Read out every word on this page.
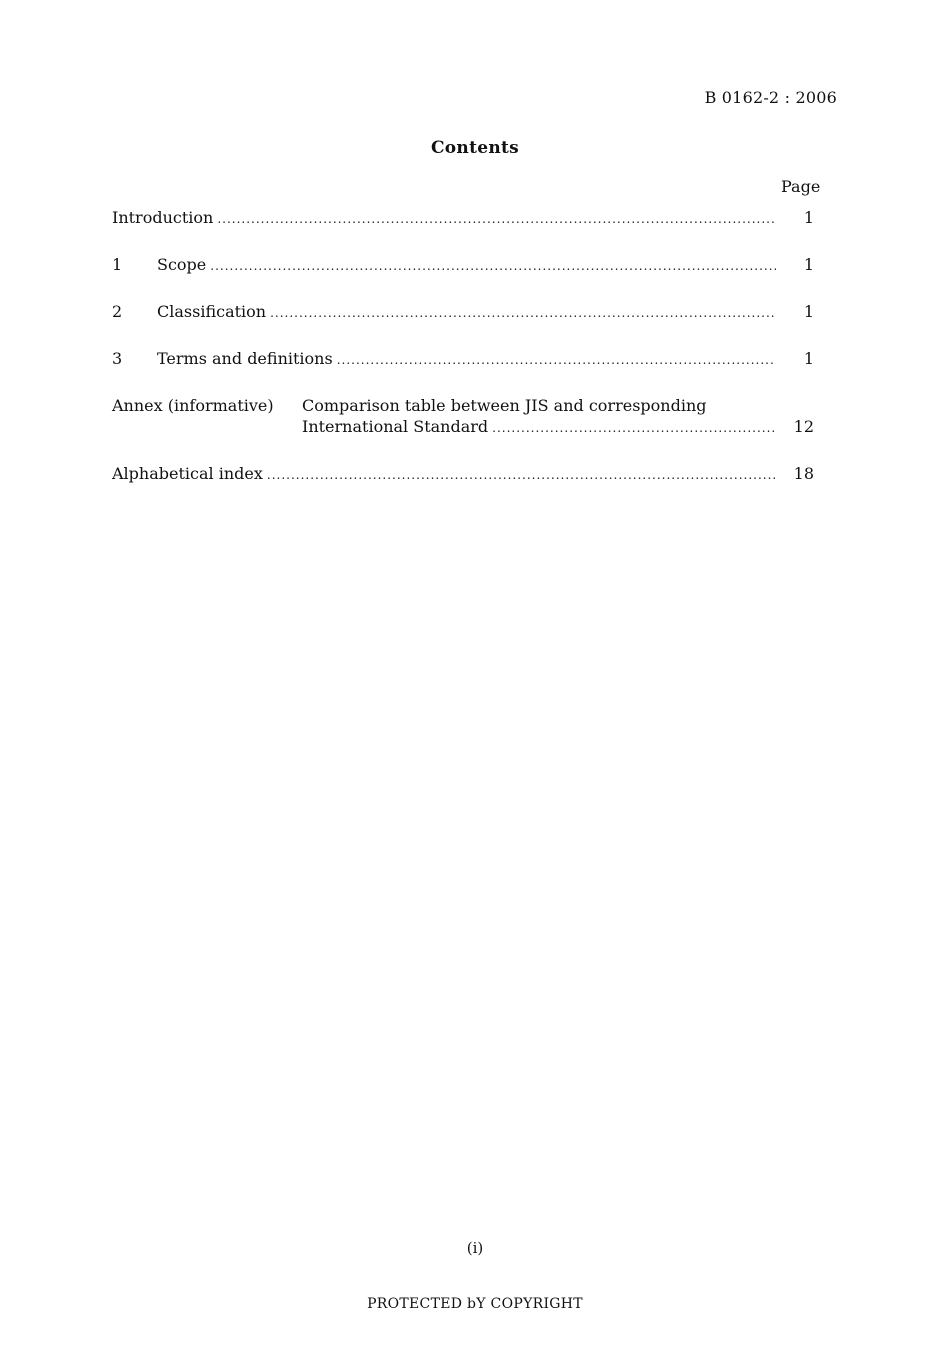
B 0162-2 : 2006
Contents
Page
Introduction .....	1
1	Scope .....	1
2	Classification .....	1
3	Terms and definitions .....	1
Annex (informative) Comparison table between JIS and corresponding
International Standard .....	12
Alphabetical index .....	18
(i)
PROTECTED bY COPYRIGHT
